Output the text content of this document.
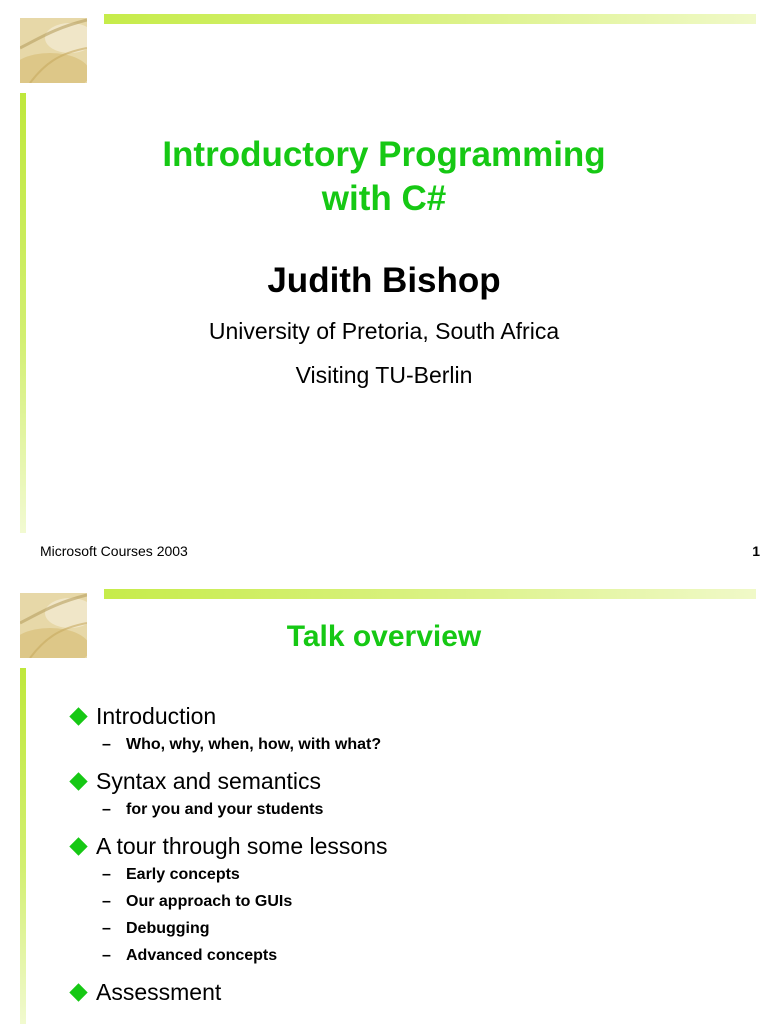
Introductory Programming
with C#
Judith Bishop

University of Pretoria, South Africa

Visiting TU-Berlin

Microsoft Courses 2003	1
Talk overview
Introduction
– Who, why, when, how, with what?
Syntax and semantics
– for you and your students
A tour through some lessons
– Early concepts
– Our approach to GUIs
– Debugging
– Advanced concepts
Assessment
